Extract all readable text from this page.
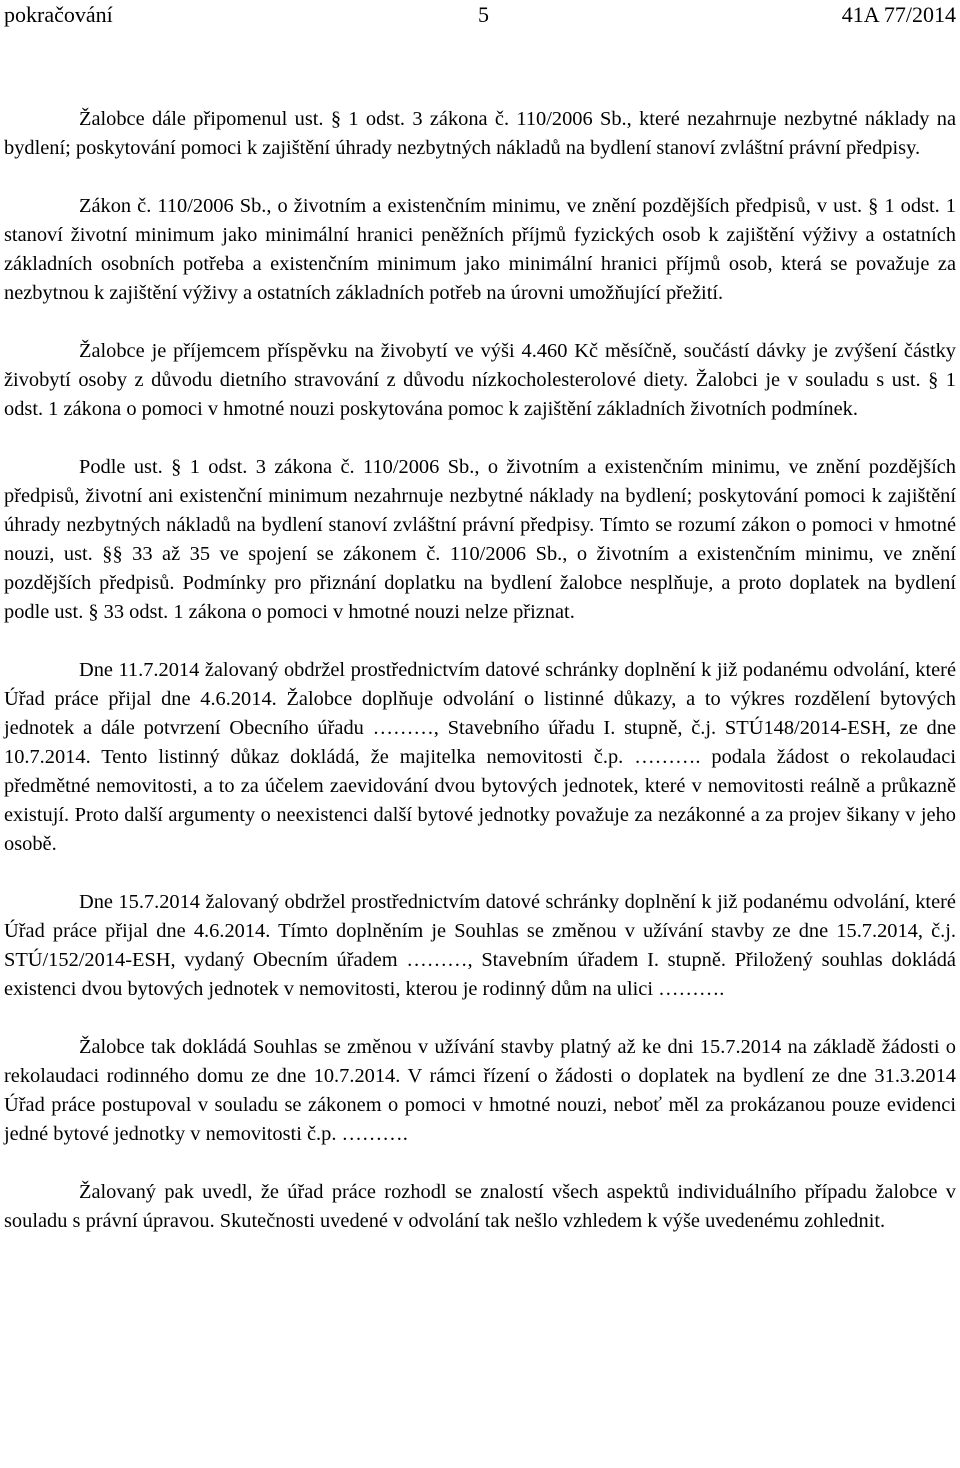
pokračování	5	41A 77/2014

Žalobce dále připomenul ust. § 1 odst. 3 zákona č. 110/2006 Sb., které nezahrnuje nezbytné náklady na bydlení; poskytování pomoci k zajištění úhrady nezbytných nákladů na bydlení stanoví zvláštní právní předpisy.

Zákon č. 110/2006 Sb., o životním a existenčním minimu, ve znění pozdějších předpisů, v ust. § 1 odst. 1 stanoví životní minimum jako minimální hranici peněžních příjmů fyzických osob k zajištění výživy a ostatních základních osobních potřeba a existenčním minimum jako minimální hranici příjmů osob, která se považuje za nezbytnou k zajištění výživy a ostatních základních potřeb na úrovni umožňující přežití.

Žalobce je příjemcem příspěvku na živobytí ve výši 4.460 Kč měsíčně, součástí dávky je zvýšení částky živobytí osoby z důvodu dietního stravování z důvodu nízkocholesterolové diety. Žalobci je v souladu s ust. § 1 odst. 1 zákona o pomoci v hmotné nouzi poskytována pomoc k zajištění základních životních podmínek.

Podle ust. § 1 odst. 3 zákona č. 110/2006 Sb., o životním a existenčním minimu, ve znění pozdějších předpisů, životní ani existenční minimum nezahrnuje nezbytné náklady na bydlení; poskytování pomoci k zajištění úhrady nezbytných nákladů na bydlení stanoví zvláštní právní předpisy. Tímto se rozumí zákon o pomoci v hmotné nouzi, ust. §§ 33 až 35 ve spojení se zákonem č. 110/2006 Sb., o životním a existenčním minimu, ve znění pozdějších předpisů. Podmínky pro přiznání doplatku na bydlení žalobce nesplňuje, a proto doplatek na bydlení podle ust. § 33 odst. 1 zákona o pomoci v hmotné nouzi nelze přiznat.

Dne 11.7.2014 žalovaný obdržel prostřednictvím datové schránky doplnění k již podanému odvolání, které Úřad práce přijal dne 4.6.2014. Žalobce doplňuje odvolání o listinné důkazy, a to výkres rozdělení bytových jednotek a dále potvrzení Obecního úřadu ………, Stavebního úřadu I. stupně, č.j. STÚ148/2014-ESH, ze dne 10.7.2014. Tento listinný důkaz dokládá, že majitelka nemovitosti č.p. ………. podala žádost o rekolaudaci předmětné nemovitosti, a to za účelem zaevidování dvou bytových jednotek, které v nemovitosti reálně a průkazně existují. Proto další argumenty o neexistenci další bytové jednotky považuje za nezákonné a za projev šikany v jeho osobě.

Dne 15.7.2014 žalovaný obdržel prostřednictvím datové schránky doplnění k již podanému odvolání, které Úřad práce přijal dne 4.6.2014. Tímto doplněním je Souhlas se změnou v užívání stavby ze dne 15.7.2014, č.j. STÚ/152/2014-ESH, vydaný Obecním úřadem ………, Stavebním úřadem I. stupně. Přiložený souhlas dokládá existenci dvou bytových jednotek v nemovitosti, kterou je rodinný dům na ulici ……….

Žalobce tak dokládá Souhlas se změnou v užívání stavby platný až ke dni 15.7.2014 na základě žádosti o rekolaudaci rodinného domu ze dne 10.7.2014. V rámci řízení o žádosti o doplatek na bydlení ze dne 31.3.2014 Úřad práce postupoval v souladu se zákonem o pomoci v hmotné nouzi, neboť měl za prokázanou pouze evidenci jedné bytové jednotky v nemovitosti č.p. ……….

Žalovaný pak uvedl, že úřad práce rozhodl se znalostí všech aspektů individuálního případu žalobce v souladu s právní úpravou. Skutečnosti uvedené v odvolání tak nešlo vzhledem k výše uvedenému zohlednit.
